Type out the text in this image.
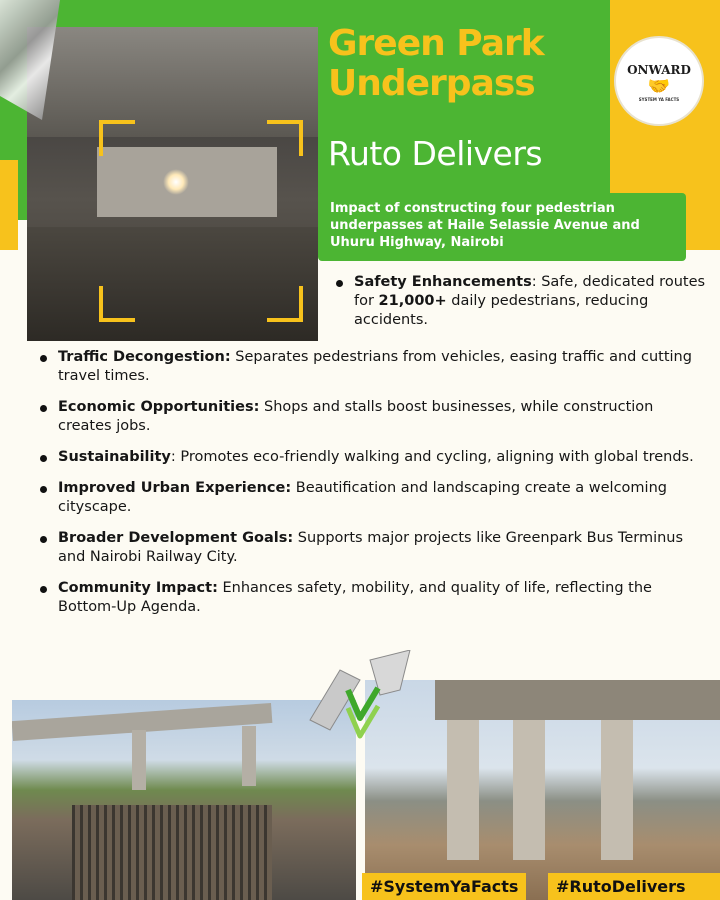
Green Park Underpass
Ruto Delivers
ONWARD
🤝
SYSTEM YA FACTS
Impact of constructing four pedestrian underpasses at Haile Selassie Avenue and Uhuru Highway, Nairobi
Safety Enhancements: Safe, dedicated routes for 21,000+ daily pedestrians, reducing accidents.
Traffic Decongestion: Separates pedestrians from vehicles, easing traffic and cutting travel times.
Economic Opportunities: Shops and stalls boost businesses, while construction creates jobs.
Sustainability: Promotes eco-friendly walking and cycling, aligning with global trends.
Improved Urban Experience: Beautification and landscaping create a welcoming cityscape.
Broader Development Goals: Supports major projects like Greenpark Bus Terminus and Nairobi Railway City.
Community Impact: Enhances safety, mobility, and quality of life, reflecting the Bottom-Up Agenda.
#SystemYaFacts	#RutoDelivers
